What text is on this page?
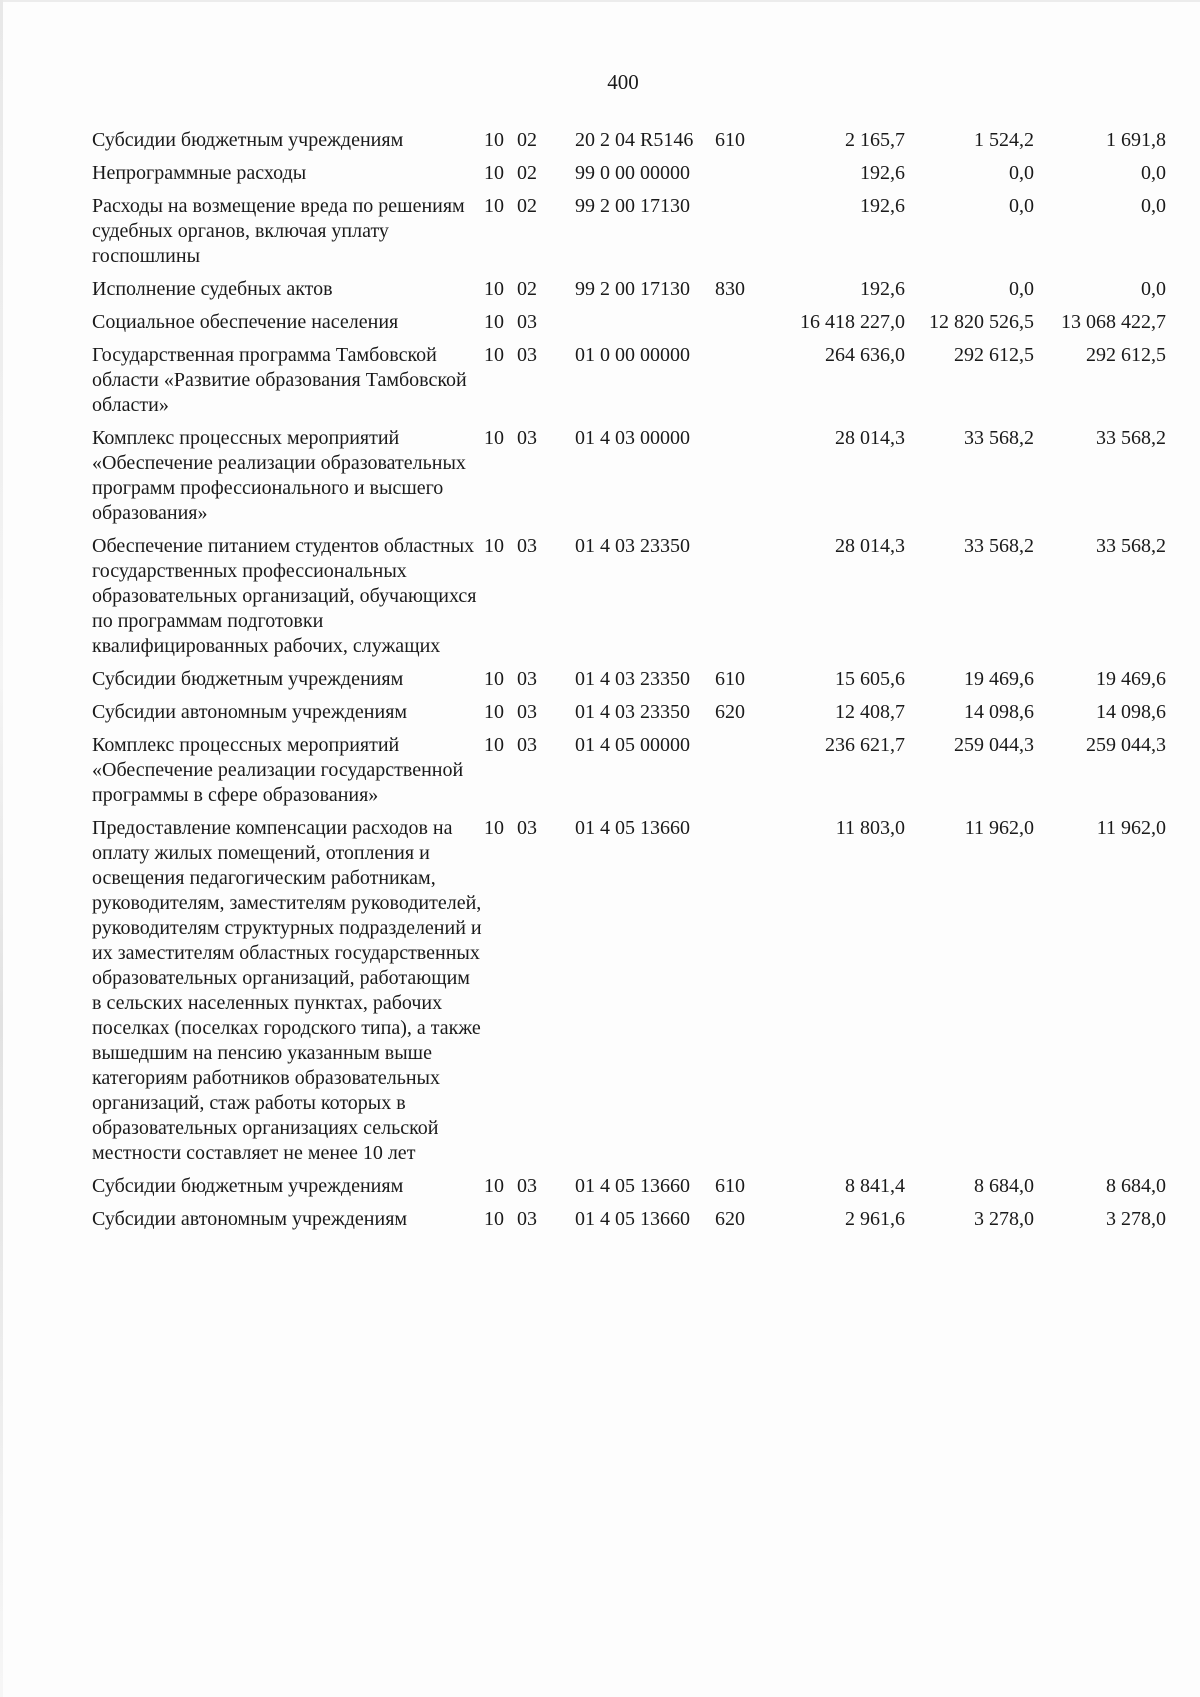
400
Субсидии бюджетным учреждениям	10 02	20 2 04 R5146	610	2 165,7	1 524,2	1 691,8
Непрограммные расходы	10 02	99 0 00 00000		192,6	0,0	0,0
Расходы на возмещение вреда по решениям судебных органов, включая уплату госпошлины	10 02	99 2 00 17130		192,6	0,0	0,0
Исполнение судебных актов	10 02	99 2 00 17130	830	192,6	0,0	0,0
Социальное обеспечение населения	10 03			16 418 227,0	12 820 526,5	13 068 422,7
Государственная программа Тамбовской области «Развитие образования Тамбовской области»	10 03	01 0 00 00000		264 636,0	292 612,5	292 612,5
Комплекс процессных мероприятий «Обеспечение реализации образовательных программ профессионального и высшего образования»	10 03	01 4 03 00000		28 014,3	33 568,2	33 568,2
Обеспечение питанием студентов областных государственных профессиональных образовательных организаций, обучающихся по программам подготовки квалифицированных рабочих, служащих	10 03	01 4 03 23350		28 014,3	33 568,2	33 568,2
Субсидии бюджетным учреждениям	10 03	01 4 03 23350	610	15 605,6	19 469,6	19 469,6
Субсидии автономным учреждениям	10 03	01 4 03 23350	620	12 408,7	14 098,6	14 098,6
Комплекс процессных мероприятий «Обеспечение реализации государственной программы в сфере образования»	10 03	01 4 05 00000		236 621,7	259 044,3	259 044,3
Предоставление компенсации расходов на оплату жилых помещений, отопления и освещения педагогическим работникам, руководителям, заместителям руководителей, руководителям структурных подразделений и их заместителям областных государственных образовательных организаций, работающим в сельских населенных пунктах, рабочих поселках (поселках городского типа), а также вышедшим на пенсию указанным выше категориям работников образовательных организаций, стаж работы которых в образовательных организациях сельской местности составляет не менее 10 лет	10 03	01 4 05 13660		11 803,0	11 962,0	11 962,0
Субсидии бюджетным учреждениям	10 03	01 4 05 13660	610	8 841,4	8 684,0	8 684,0
Субсидии автономным учреждениям	10 03	01 4 05 13660	620	2 961,6	3 278,0	3 278,0
